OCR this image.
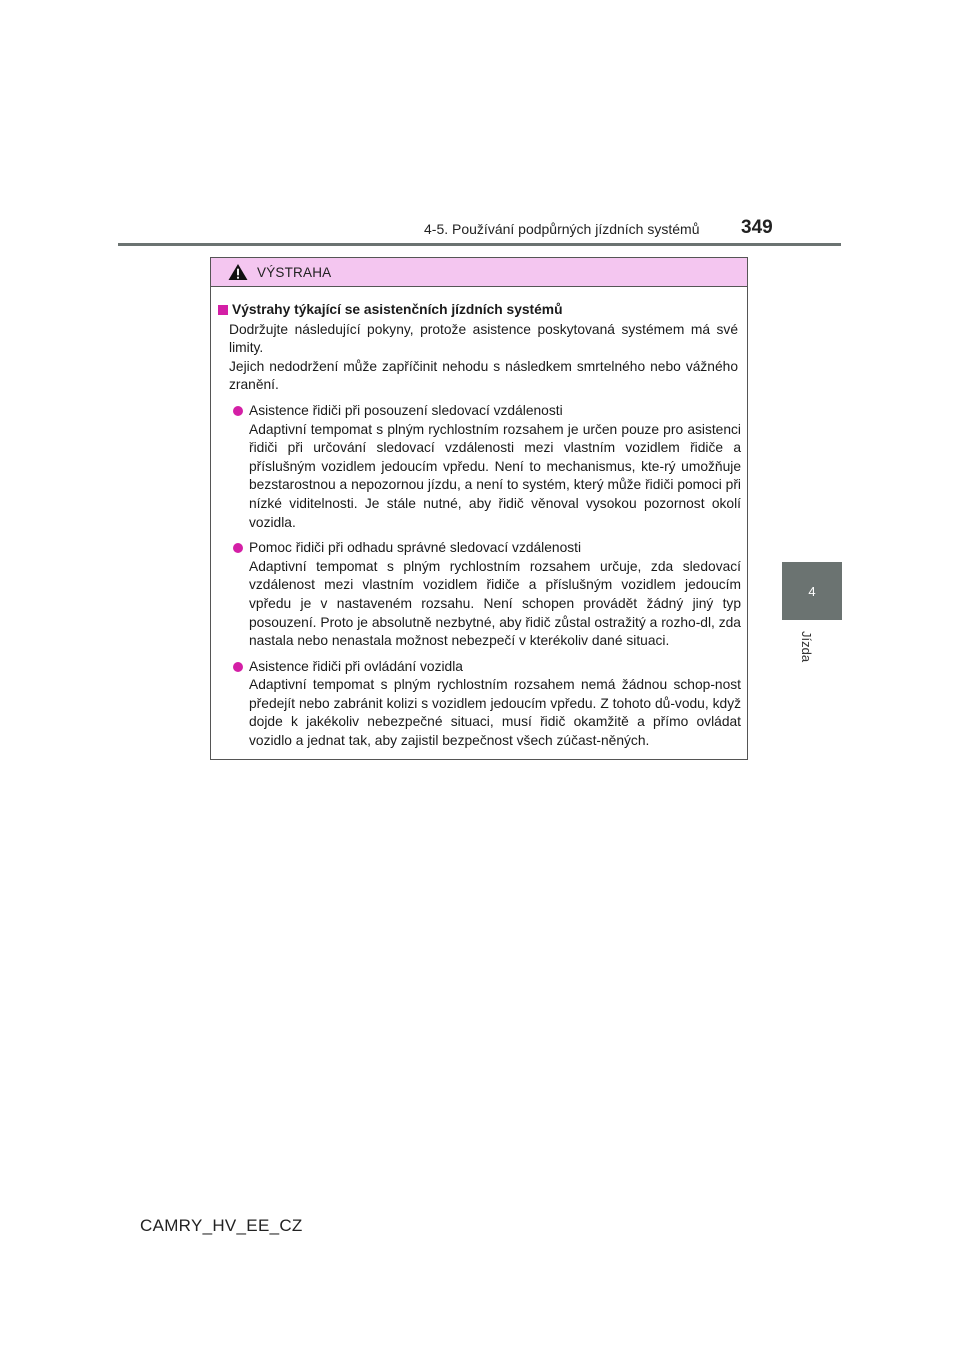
4-5. Používání podpůrných jízdních systémů 349
4
Jízda
VÝSTRAHA
Výstrahy týkající se asistenčních jízdních systémů

Dodržujte následující pokyny, protože asistence poskytovaná systémem má své limity.

Jejich nedodržení může zapříčinit nehodu s následkem smrtelného nebo vážného zranění.

Asistence řidiči při posouzení sledovací vzdálenosti

Adaptivní tempomat s plným rychlostním rozsahem je určen pouze pro asistenci řidiči při určování sledovací vzdálenosti mezi vlastním vozidlem řidiče a příslušným vozidlem jedoucím vpředu. Není to mechanismus, kte-rý umožňuje bezstarostnou a nepozornou jízdu, a není to systém, který může řidiči pomoci při nízké viditelnosti. Je stále nutné, aby řidič věnoval vysokou pozornost okolí vozidla.

Pomoc řidiči při odhadu správné sledovací vzdálenosti

Adaptivní tempomat s plným rychlostním rozsahem určuje, zda sledovací vzdálenost mezi vlastním vozidlem řidiče a příslušným vozidlem jedoucím vpředu je v nastaveném rozsahu. Není schopen provádět žádný jiný typ posouzení. Proto je absolutně nezbytné, aby řidič zůstal ostražitý a rozho-dl, zda nastala nebo nenastala možnost nebezpečí v kterékoliv dané situaci.

Asistence řidiči při ovládání vozidla

Adaptivní tempomat s plným rychlostním rozsahem nemá žádnou schop-nost předejít nebo zabránit kolizi s vozidlem jedoucím vpředu. Z tohoto dů-vodu, když dojde k jakékoliv nebezpečné situaci, musí řidič okamžitě a přímo ovládat vozidlo a jednat tak, aby zajistil bezpečnost všech zúčast-něných.

CAMRY_HV_EE_CZ
